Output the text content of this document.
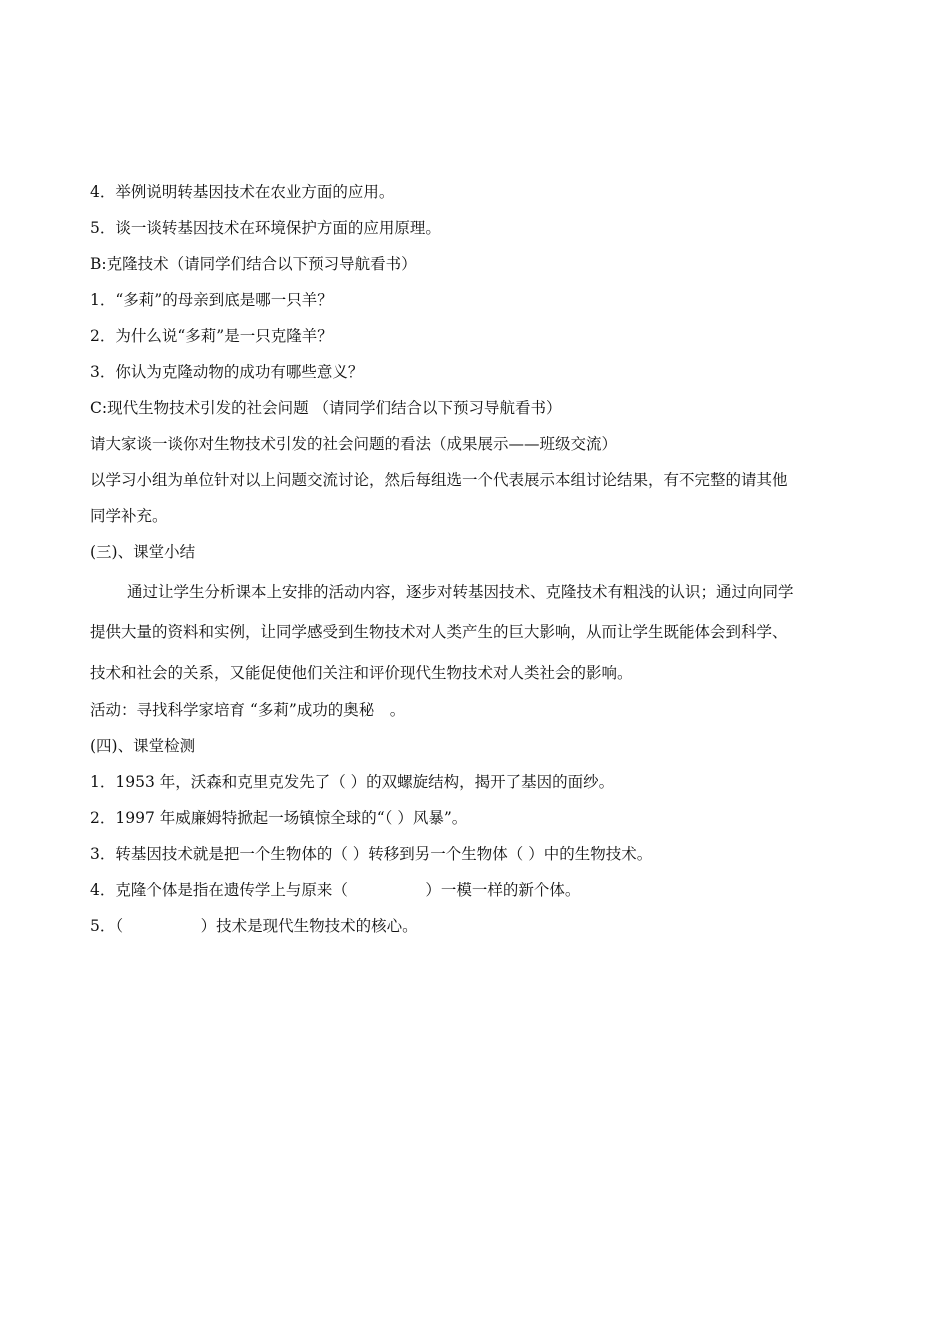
4．举例说明转基因技术在农业方面的应用。
5．谈一谈转基因技术在环境保护方面的应用原理。
B:克隆技术（请同学们结合以下预习导航看书）
1．“多莉”的母亲到底是哪一只羊？
2．为什么说“多莉”是一只克隆羊？
3．你认为克隆动物的成功有哪些意义？
C:现代生物技术引发的社会问题 （请同学们结合以下预习导航看书）
请大家谈一谈你对生物技术引发的社会问题的看法（成果展示——班级交流）
以学习小组为单位针对以上问题交流讨论，然后每组选一个代表展示本组讨论结果，有不完整的请其他
同学补充。
(三)、课堂小结
通过让学生分析课本上安排的活动内容，逐步对转基因技术、克隆技术有粗浅的认识；通过向同学
提供大量的资料和实例，让同学感受到生物技术对人类产生的巨大影响，从而让学生既能体会到科学、
技术和社会的关系，又能促使他们关注和评价现代生物技术对人类社会的影响。
活动：寻找科学家培育 “多莉”成功的奥秘　。
(四)、课堂检测
1．1953 年，沃森和克里克发先了（ ）的双螺旋结构，揭开了基因的面纱。
2．1997 年威廉姆特掀起一场镇惊全球的“（ ）风暴”。
3．转基因技术就是把一个生物体的（ ）转移到另一个生物体（ ）中的生物技术。
4．克隆个体是指在遗传学上与原来（　　　　　）一模一样的新个体。
5．（　　　　　）技术是现代生物技术的核心。
